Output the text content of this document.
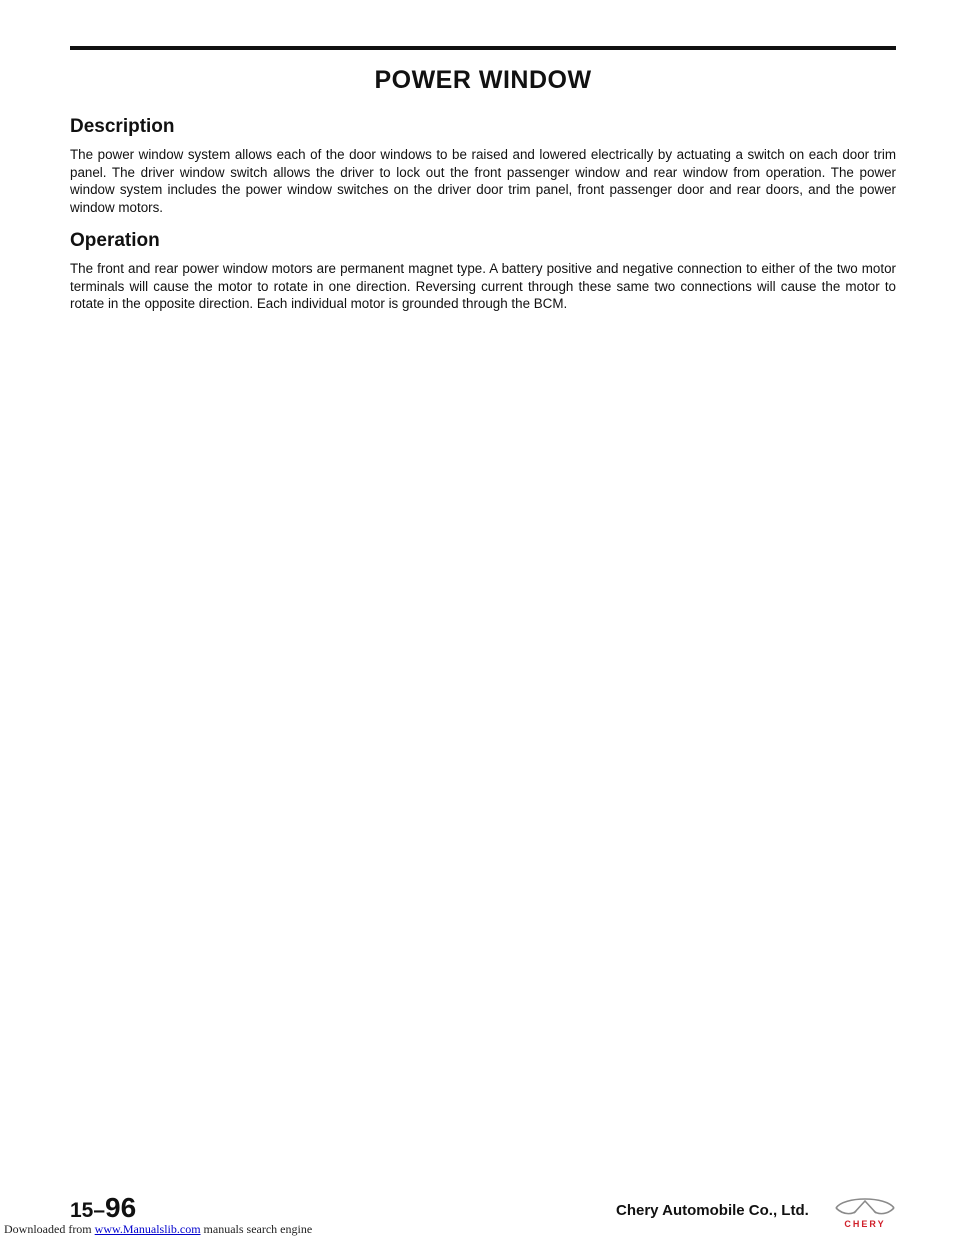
POWER WINDOW
Description

The power window system allows each of the door windows to be raised and lowered electrically by actuating a switch on each door trim panel. The driver window switch allows the driver to lock out the front passenger window and rear window from operation. The power window system includes the power window switches on the driver door trim panel, front passenger door and rear doors, and the power window motors.

Operation

The front and rear power window motors are permanent magnet type. A battery positive and negative connection to either of the two motor terminals will cause the motor to rotate in one direction. Reversing current through these same two connections will cause the motor to rotate in the opposite direction. Each individual motor is grounded through the BCM.

15–96	Chery Automobile Co., Ltd.

CHERY

Downloaded from www.Manualslib.com manuals search engine
